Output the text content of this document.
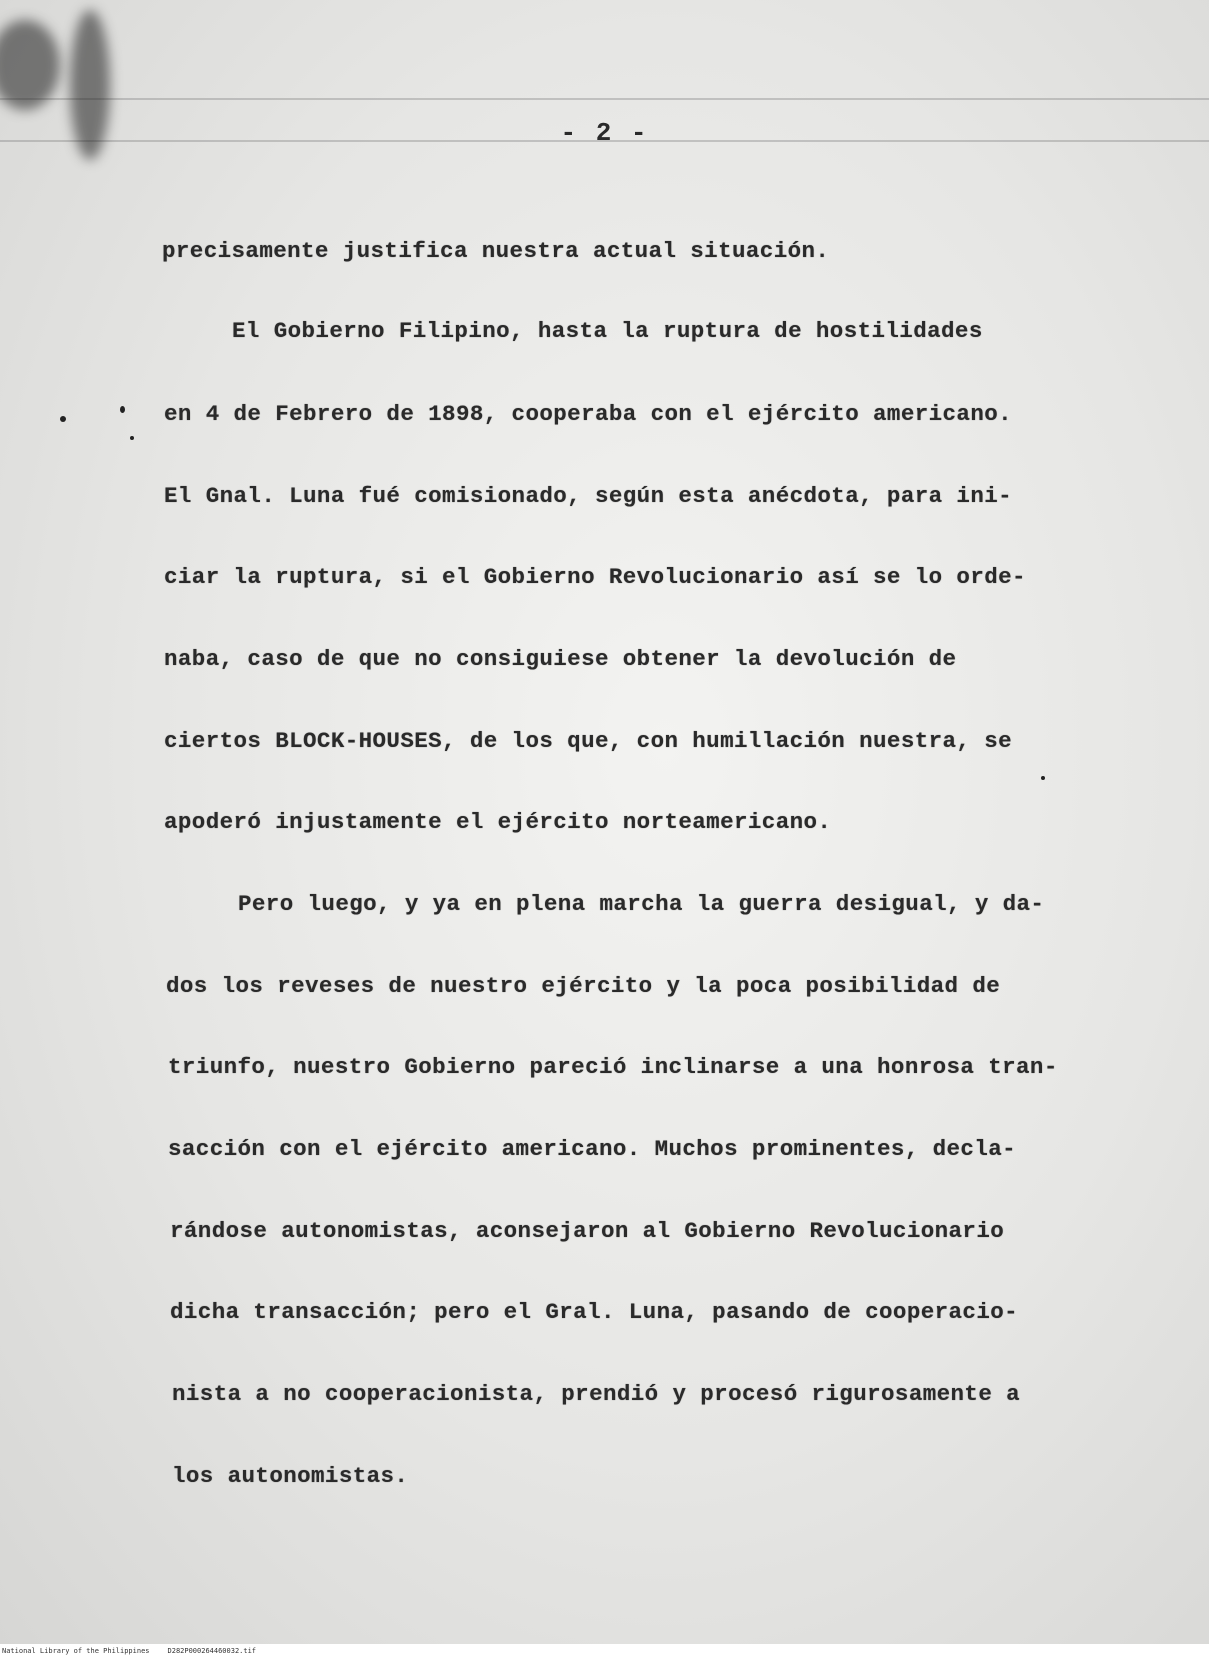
- 2 -
precisamente justifica nuestra actual situación.
El Gobierno Filipino, hasta la ruptura de hostilidades
en 4 de Febrero de 1898, cooperaba con el ejército americano.
El Gnal. Luna fué comisionado, según esta anécdota, para ini-
ciar la ruptura, si el Gobierno Revolucionario así se lo orde-
naba, caso de que no consiguiese obtener la devolución de
ciertos BLOCK-HOUSES, de los que, con humillación nuestra, se
apoderó injustamente el ejército norteamericano.
Pero luego, y ya en plena marcha la guerra desigual, y da-
dos los reveses de nuestro ejército y la poca posibilidad de
triunfo, nuestro Gobierno pareció inclinarse a una honrosa tran-
sacción con el ejército americano. Muchos prominentes, decla-
rándose autonomistas, aconsejaron al Gobierno Revolucionario
dicha transacción; pero el Gral. Luna, pasando de cooperacio-
nista a no cooperacionista, prendió y procesó rigurosamente a
los autonomistas.
National Library of the Philippines	D282P000264460032.tif
